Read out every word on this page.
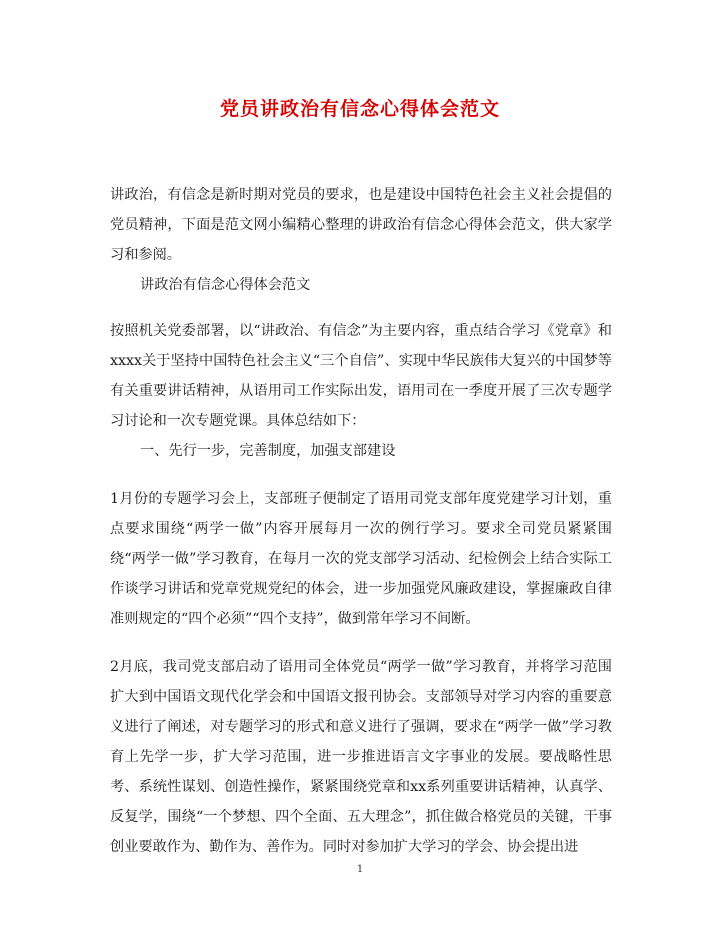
党员讲政治有信念心得体会范文

讲政治，有信念是新时期对党员的要求，也是建设中国特色社会主义社会提倡的党员精神，下面是范文网小编精心整理的讲政治有信念心得体会范文，供大家学习和参阅。

讲政治有信念心得体会范文

按照机关党委部署，以“讲政治、有信念”为主要内容，重点结合学习《党章》和xxxx关于坚持中国特色社会主义“三个自信”、实现中华民族伟大复兴的中国梦等有关重要讲话精神，从语用司工作实际出发，语用司在一季度开展了三次专题学习讨论和一次专题党课。具体总结如下：

一、先行一步，完善制度，加强支部建设

1月份的专题学习会上，支部班子便制定了语用司党支部年度党建学习计划，重点要求围绕“两学一做”内容开展每月一次的例行学习。要求全司党员紧紧围绕“两学一做”学习教育，在每月一次的党支部学习活动、纪检例会上结合实际工作谈学习讲话和党章党规党纪的体会，进一步加强党风廉政建设，掌握廉政自律准则规定的“四个必须”“四个支持”，做到常年学习不间断。

2月底，我司党支部启动了语用司全体党员“两学一做”学习教育，并将学习范围扩大到中国语文现代化学会和中国语文报刊协会。支部领导对学习内容的重要意义进行了阐述，对专题学习的形式和意义进行了强调，要求在“两学一做”学习教育上先学一步，扩大学习范围，进一步推进语言文字事业的发展。要战略性思考、系统性谋划、创造性操作，紧紧围绕党章和xx系列重要讲话精神，认真学、反复学，围绕“一个梦想、四个全面、五大理念”，抓住做合格党员的关键，干事创业要敢作为、勤作为、善作为。同时对参加扩大学习的学会、协会提出进

1
